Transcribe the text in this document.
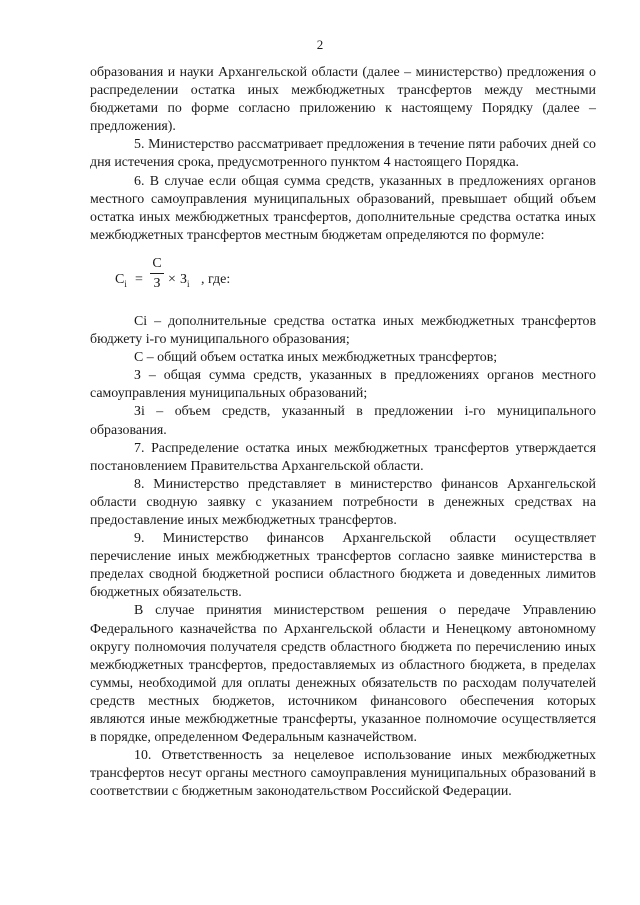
2

образования и науки Архангельской области (далее – министерство) предложения о распределении остатка иных межбюджетных трансфертов между местными бюджетами по форме согласно приложению к настоящему Порядку (далее – предложения).

5. Министерство рассматривает предложения в течение пяти рабочих дней со дня истечения срока, предусмотренного пунктом 4 настоящего Порядка.

6. В случае если общая сумма средств, указанных в предложениях органов местного самоуправления муниципальных образований, превышает общий объем остатка иных межбюджетных трансфертов, дополнительные средства остатка иных межбюджетных трансфертов местным бюджетам определяются по формуле:

$С_i$ =
С
$З \times З_i$ , где:

Сi – дополнительные средства остатка иных межбюджетных трансфертов бюджету i-го муниципального образования;

С – общий объем остатка иных межбюджетных трансфертов;

З – общая сумма средств, указанных в предложениях органов местного самоуправления муниципальных образований;

Зi – объем средств, указанный в предложении i-го муниципального образования.

7. Распределение остатка иных межбюджетных трансфертов утверждается постановлением Правительства Архангельской области.

8. Министерство представляет в министерство финансов Архангельской области сводную заявку с указанием потребности в денежных средствах на предоставление иных межбюджетных трансфертов.

9. Министерство финансов Архангельской области осуществляет перечисление иных межбюджетных трансфертов согласно заявке министерства в пределах сводной бюджетной росписи областного бюджета и доведенных лимитов бюджетных обязательств.

В случае принятия министерством решения о передаче Управлению Федерального казначейства по Архангельской области и Ненецкому автономному округу полномочия получателя средств областного бюджета по перечислению иных межбюджетных трансфертов, предоставляемых из областного бюджета, в пределах суммы, необходимой для оплаты денежных обязательств по расходам получателей средств местных бюджетов, источником финансового обеспечения которых являются иные межбюджетные трансферты, указанное полномочие осуществляется в порядке, определенном Федеральным казначейством.

10. Ответственность за нецелевое использование иных межбюджетных трансфертов несут органы местного самоуправления муниципальных образований в соответствии с бюджетным законодательством Российской Федерации.
